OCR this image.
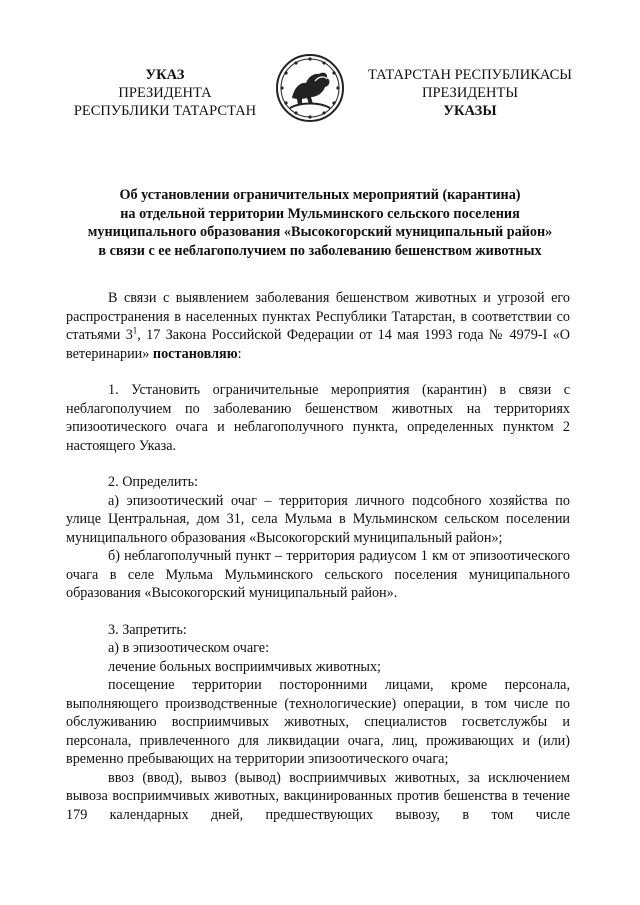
УКАЗ
ПРЕЗИДЕНТА
РЕСПУБЛИКИ ТАТАРСТАН
ТАТАРСТАН РЕСПУБЛИКАСЫ
ПРЕЗИДЕНТЫ
УКАЗЫ
Об установлении ограничительных мероприятий (карантина)
на отдельной территории Мульминского сельского поселения
муниципального образования «Высокогорский муниципальный район»
в связи с ее неблагополучием по заболеванию бешенством животных

В связи с выявлением заболевания бешенством животных и угрозой его распространения в населенных пунктах Республики Татарстан, в соответствии со статьями $3^1$, 17 Закона Российской Федерации от 14 мая 1993 года № 4979-I «О ветеринарии» постановляю:

1. Установить ограничительные мероприятия (карантин) в связи с неблагополучием по заболеванию бешенством животных на территориях эпизоотического очага и неблагополучного пункта, определенных пунктом 2 настоящего Указа.

2. Определить:

а) эпизоотический очаг – территория личного подсобного хозяйства по улице Центральная, дом 31, села Мульма в Мульминском сельском поселении муниципального образования «Высокогорский муниципальный район»;

б) неблагополучный пункт – территория радиусом 1 км от эпизоотического очага в селе Мульма Мульминского сельского поселения муниципального образования «Высокогорский муниципальный район».

3. Запретить:

а) в эпизоотическом очаге:

лечение больных восприимчивых животных;

посещение территории посторонними лицами, кроме персонала, выполняющего производственные (технологические) операции, в том числе по обслуживанию восприимчивых животных, специалистов госветслужбы и персонала, привлеченного для ликвидации очага, лиц, проживающих и (или) временно пребывающих на территории эпизоотического очага;

ввоз (ввод), вывоз (вывод) восприимчивых животных, за исключением вывоза восприимчивых животных, вакцинированных против бешенства в течение 179 календарных дней, предшествующих вывозу, в том числе
